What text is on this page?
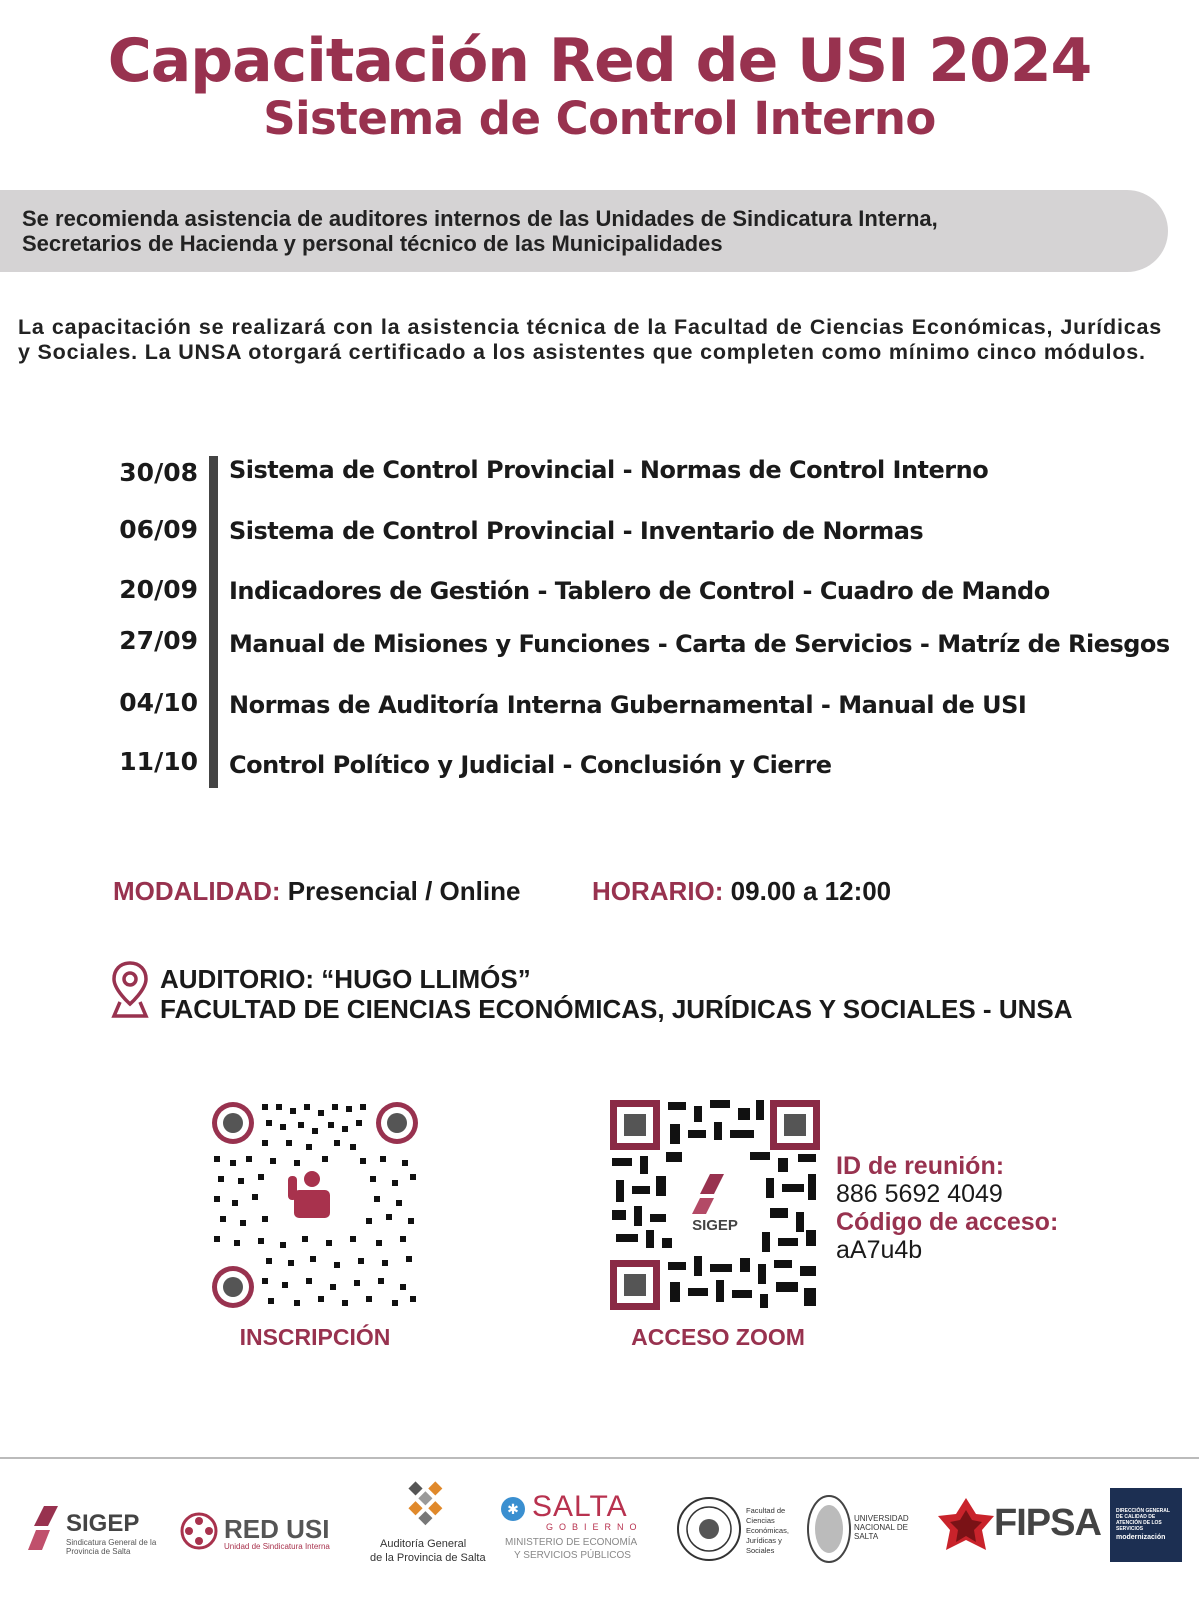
Capacitación Red de USI 2024
Sistema de Control Interno

Se recomienda asistencia de auditores internos de las Unidades de Sindicatura Interna,

Secretarios de Hacienda y personal técnico de las Municipalidades

La capacitación se realizará con la asistencia técnica de la Facultad de Ciencias Económicas, Jurídicas y Sociales. La UNSA otorgará certificado a los asistentes que completen como mínimo cinco módulos.
30/08 Sistema de Control Provincial - Normas de Control Interno
06/09 Sistema de Control Provincial - Inventario de Normas
20/09 Indicadores de Gestión - Tablero de Control - Cuadro de Mando
27/09 Manual de Misiones y Funciones - Carta de Servicios - Matríz de Riesgos
04/10 Normas de Auditoría Interna Gubernamental - Manual de USI
11/10 Control Político y Judicial - Conclusión y Cierre
MODALIDAD: Presencial / Online	HORARIO: 09.00 a 12:00
AUDITORIO: “HUGO LLIMÓS”
FACULTAD DE CIENCIAS ECONÓMICAS, JURÍDICAS Y SOCIALES - UNSA
INSCRIPCIÓN
SIGEP
ACCESO ZOOM
ID de reunión:
886 5692 4049
Código de acceso:
aA7u4b
SIGEP
Sindicatura General de la Provincia de Salta
RED USI
Unidad de Sindicatura Interna	Auditoría General
de la Provincia de Salta
✱ SALTA
GOBIERNO
MINISTERIO DE ECONOMÍA
Y SERVICIOS PÚBLICOS
Facultad de Ciencias Económicas, Jurídicas y Sociales
UNIVERSIDAD NACIONAL DE SALTA	FIPSA	DIRECCIÓN GENERAL DE CALIDAD DE ATENCIÓN DE LOS SERVICIOS
modernización
